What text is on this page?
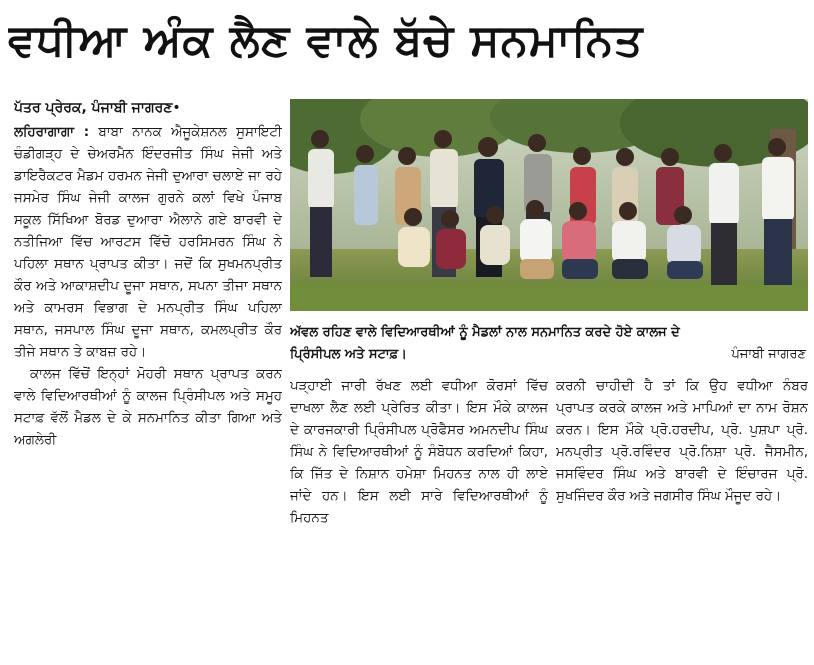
ਵਧੀਆ ਅੰਕ ਲੈਣ ਵਾਲੇ ਬੱਚੇ ਸਨਮਾਨਿਤ
ਪੱਤਰ ਪ੍ਰੇਰਕ, ਪੰਜਾਬੀ ਜਾਗਰਣ•

ਲਹਿਰਾਗਾਗਾ : ਬਾਬਾ ਨਾਨਕ ਐਜੂਕੇਸ਼ਨਲ ਸੁਸਾਇਟੀ ਚੰਡੀਗੜ੍ਹ ਦੇ ਚੇਅਰਮੈਨ ਇੰਦਰਜੀਤ ਸਿੰਘ ਜੇਜੀ ਅਤੇ ਡਾਇਰੈਕਟਰ ਮੈਡਮ ਹਰਮਨ ਜੇਜੀ ਦੁਆਰਾ ਚਲਾਏ ਜਾ ਰਹੇ ਜਸਮੇਰ ਸਿੰਘ ਜੇਜੀ ਕਾਲਜ ਗੁਰਨੇ ਕਲਾਂ ਵਿਖੇ ਪੰਜਾਬ ਸਕੂਲ ਸਿੱਖਿਆ ਬੋਰਡ ਦੁਆਰਾ ਐਲਾਨੇ ਗਏ ਬਾਰਵੀ ਦੇ ਨਤੀਜਿਆ ਵਿੱਚ ਆਰਟਸ ਵਿੱਚੋ ਹਰਸਿਮਰਨ ਸਿੰਘ ਨੇ ਪਹਿਲਾ ਸਥਾਨ ਪ੍ਰਾਪਤ ਕੀਤਾ। ਜਦੋਂ ਕਿ ਸੁਖਮਨਪ੍ਰੀਤ ਕੌਰ ਅਤੇ ਆਕਾਸ਼ਦੀਪ ਦੂਜਾ ਸਥਾਨ, ਸਪਨਾ ਤੀਜਾ ਸਥਾਨ ਅਤੇ ਕਾਮਰਸ ਵਿਭਾਗ ਦੇ ਮਨਪ੍ਰੀਤ ਸਿੰਘ ਪਹਿਲਾ ਸਥਾਨ, ਜਸਪਾਲ ਸਿੰਘ ਦੂਜਾ ਸਥਾਨ, ਕਮਲਪ੍ਰੀਤ ਕੌਰ ਤੀਜੇ ਸਥਾਨ ਤੇ ਕਾਬਜ਼ ਰਹੇ।

ਕਾਲਜ ਵਿੱਚੋਂ ਇਨ੍ਹਾਂ ਮੋਹਰੀ ਸਥਾਨ ਪ੍ਰਾਪਤ ਕਰਨ ਵਾਲੇ ਵਿਦਿਆਰਥੀਆਂ ਨੂੰ ਕਾਲਜ ਪ੍ਰਿੰਸੀਪਲ ਅਤੇ ਸਮੂਹ ਸਟਾਫ਼ ਵੱਲੋਂ ਮੈਡਲ ਦੇ ਕੇ ਸਨਮਾਨਿਤ ਕੀਤਾ ਗਿਆ ਅਤੇ ਅਗਲੇਰੀ

ਅੱਵਲ ਰਹਿਣ ਵਾਲੇ ਵਿਦਿਆਰਥੀਆਂ ਨੂੰ ਮੈਡਲਾਂ ਨਾਲ ਸਨਮਾਨਿਤ ਕਰਦੇ ਹੋਏ ਕਾਲਜ ਦੇ ਪ੍ਰਿੰਸੀਪਲ ਅਤੇ ਸਟਾਫ਼।	ਪੰਜਾਬੀ ਜਾਗਰਣ

ਪੜ੍ਹਾਈ ਜਾਰੀ ਰੱਖਣ ਲਈ ਵਧੀਆ ਕੋਰਸਾਂ ਵਿੱਚ ਦਾਖਲਾ ਲੈਣ ਲਈ ਪ੍ਰੇਰਿਤ ਕੀਤਾ। ਇਸ ਮੌਕੇ ਕਾਲਜ ਦੇ ਕਾਰਜਕਾਰੀ ਪ੍ਰਿੰਸੀਪਲ ਪ੍ਰੋਫੈਸਰ ਅਮਨਦੀਪ ਸਿੰਘ ਸਿੰਘ ਨੇ ਵਿਦਿਆਰਥੀਆਂ ਨੂੰ ਸੰਬੋਧਨ ਕਰਦਿਆਂ ਕਿਹਾ, ਕਿ ਜਿੱਤ ਦੇ ਨਿਸ਼ਾਨ ਹਮੇਸ਼ਾ ਮਿਹਨਤ ਨਾਲ ਹੀ ਲਾਏ ਜਾਂਦੇ ਹਨ। ਇਸ ਲਈ ਸਾਰੇ ਵਿਦਿਆਰਥੀਆਂ ਨੂੰ ਮਿਹਨਤ

ਕਰਨੀ ਚਾਹੀਦੀ ਹੈ ਤਾਂ ਕਿ ਉਹ ਵਧੀਆ ਨੰਬਰ ਪ੍ਰਾਪਤ ਕਰਕੇ ਕਾਲਜ ਅਤੇ ਮਾਪਿਆਂ ਦਾ ਨਾਮ ਰੋਸ਼ਨ ਕਰਨ। ਇਸ ਮੌਕੇ ਪ੍ਰੋ.ਹਰਦੀਪ, ਪ੍ਰੋ. ਪੁਸ਼ਪਾ ਪ੍ਰੋ. ਮਨਪ੍ਰੀਤ ਪ੍ਰੋ.ਰਵਿੰਦਰ ਪ੍ਰੋ.ਨਿਸ਼ਾ ਪ੍ਰੋ. ਜੈਸਮੀਨ, ਜਸਵਿੰਦਰ ਸਿੰਘ ਅਤੇ ਬਾਰਵੀ ਦੇ ਇੰਚਾਰਜ ਪ੍ਰੋ. ਸੁਖਜਿੰਦਰ ਕੌਰ ਅਤੇ ਜਗਸੀਰ ਸਿੰਘ ਮੌਜੂਦ ਰਹੇ।
